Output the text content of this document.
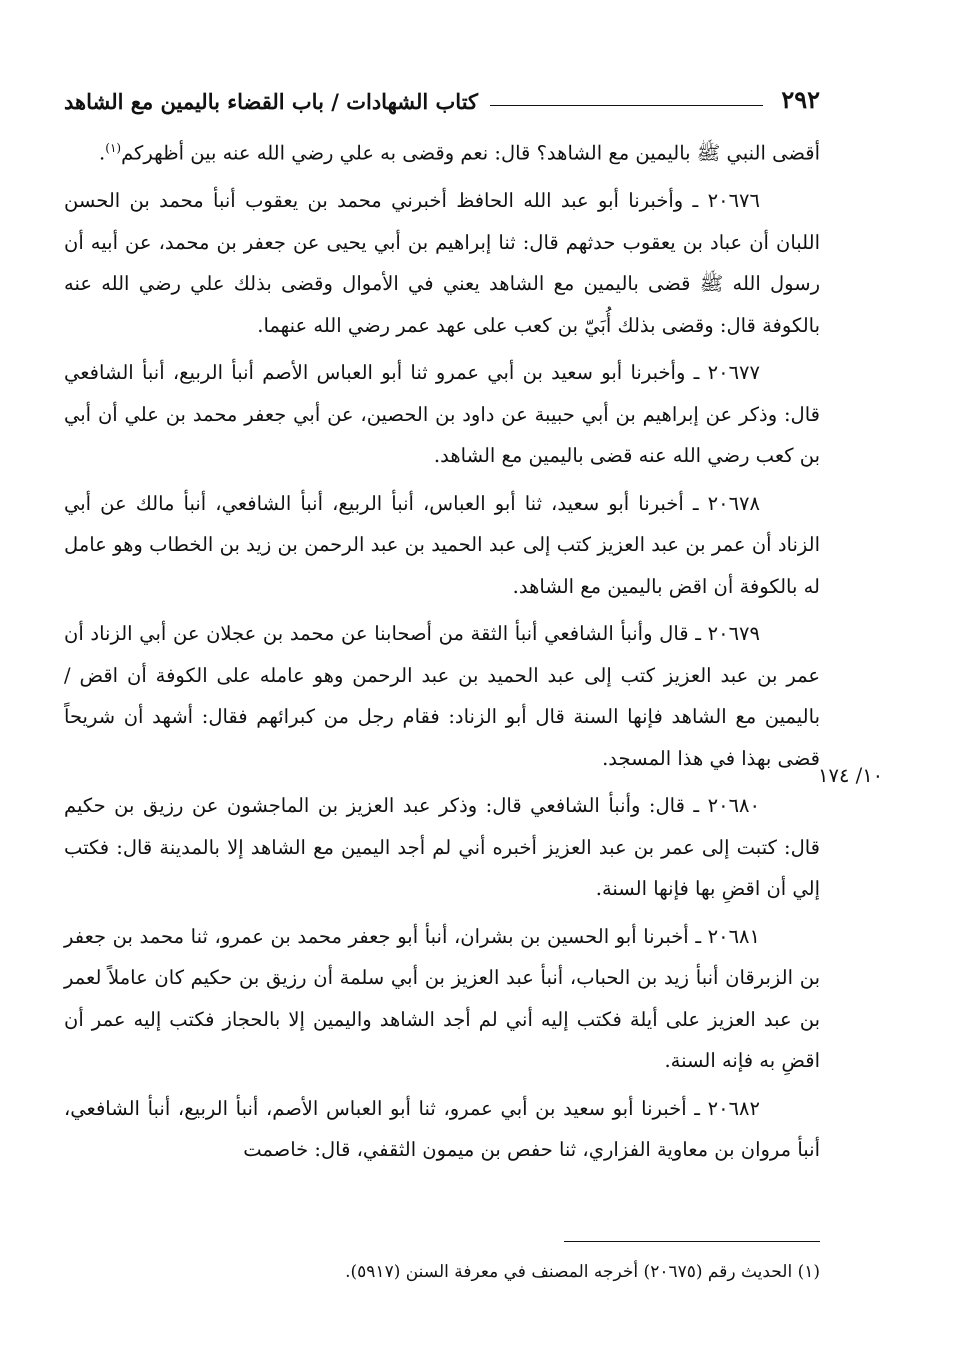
٢٩٢
كتاب الشهادات / باب القضاء باليمين مع الشاهد

أقضى النبي ﷺ باليمين مع الشاهد؟ قال: نعم وقضى به علي رضي الله عنه بين أظهركم$^{(١)}$.

٢٠٦٧٦ ـ وأخبرنا أبو عبد الله الحافظ أخبرني محمد بن يعقوب أنبأ محمد بن الحسن اللبان أن عباد بن يعقوب حدثهم قال: ثنا إبراهيم بن أبي يحيى عن جعفر بن محمد، عن أبيه أن رسول الله ﷺ قضى باليمين مع الشاهد يعني في الأموال وقضى بذلك علي رضي الله عنه بالكوفة قال: وقضى بذلك أُبَيّ بن كعب على عهد عمر رضي الله عنهما.

٢٠٦٧٧ ـ وأخبرنا أبو سعيد بن أبي عمرو ثنا أبو العباس الأصم أنبأ الربيع، أنبأ الشافعي قال: وذكر عن إبراهيم بن أبي حبيبة عن داود بن الحصين، عن أبي جعفر محمد بن علي أن أبي بن كعب رضي الله عنه قضى باليمين مع الشاهد.

٢٠٦٧٨ ـ أخبرنا أبو سعيد، ثنا أبو العباس، أنبأ الربيع، أنبأ الشافعي، أنبأ مالك عن أبي الزناد أن عمر بن عبد العزيز كتب إلى عبد الحميد بن عبد الرحمن بن زيد بن الخطاب وهو عامل له بالكوفة أن اقض باليمين مع الشاهد.

٢٠٦٧٩ ـ قال وأنبأ الشافعي أنبأ الثقة من أصحابنا عن محمد بن عجلان عن أبي الزناد أن عمر بن عبد العزيز كتب إلى عبد الحميد بن عبد الرحمن وهو عامله على الكوفة أن اقض /باليمين مع الشاهد فإنها السنة قال أبو الزناد: فقام رجل من كبرائهم فقال: أشهد أن شريحاً قضى بهذا في هذا المسجد.

٢٠٦٨٠ ـ قال: وأنبأ الشافعي قال: وذكر عبد العزيز بن الماجشون عن رزيق بن حكيم قال: كتبت إلى عمر بن عبد العزيز أخبره أني لم أجد اليمين مع الشاهد إلا بالمدينة قال: فكتب إلي أن اقضِ بها فإنها السنة.

٢٠٦٨١ ـ أخبرنا أبو الحسين بن بشران، أنبأ أبو جعفر محمد بن عمرو، ثنا محمد بن جعفر بن الزبرقان أنبأ زيد بن الحباب، أنبأ عبد العزيز بن أبي سلمة أن رزيق بن حكيم كان عاملاً لعمر بن عبد العزيز على أيلة فكتب إليه أني لم أجد الشاهد واليمين إلا بالحجاز فكتب إليه عمر أن اقضِ به فإنه السنة.

٢٠٦٨٢ ـ أخبرنا أبو سعيد بن أبي عمرو، ثنا أبو العباس الأصم، أنبأ الربيع، أنبأ الشافعي، أنبأ مروان بن معاوية الفزاري، ثنا حفص بن ميمون الثقفي، قال: خاصمت

١٠/ ١٧٤
(١) الحديث رقم (٢٠٦٧٥) أخرجه المصنف في معرفة السنن (٥٩١٧).
